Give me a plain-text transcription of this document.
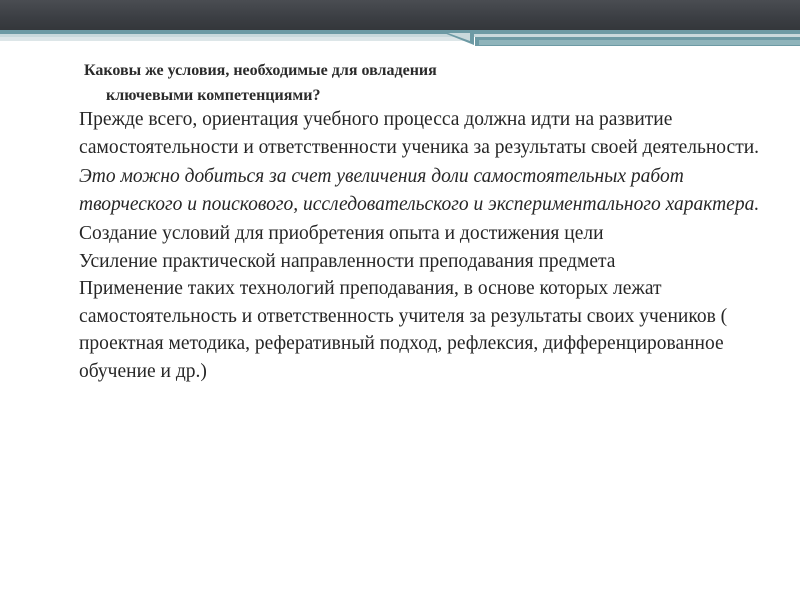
Каковы же условия, необходимые для овладения
ключевыми компетенциями?
Прежде всего, ориентация учебного процесса должна идти на развитие самостоятельности и ответственности ученика за результаты своей деятельности.
Это можно добиться за счет увеличения доли самостоятельных работ творческого и поискового, исследовательского и экспериментального характера.
Создание условий для приобретения опыта и достижения цели
Усиление практической направленности преподавания предмета
Применение таких технологий преподавания, в основе которых лежат самостоятельность и ответственность учителя за результаты своих учеников ( проектная методика, реферативный подход, рефлексия, дифференцированное обучение и др.)
